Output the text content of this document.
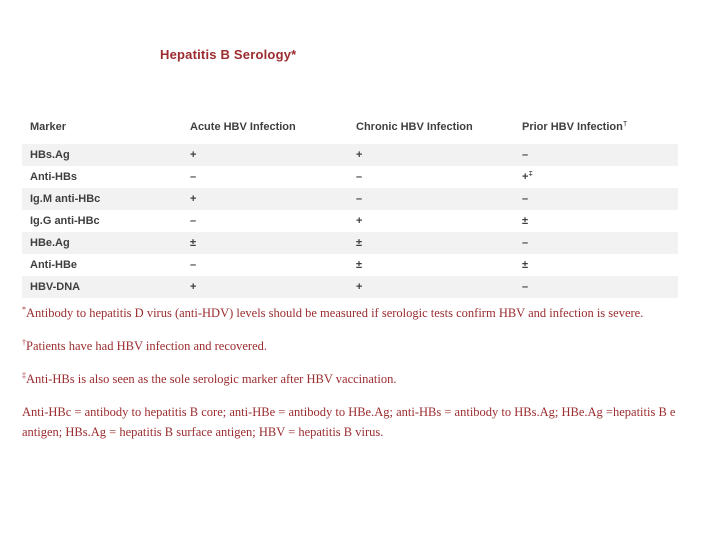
Hepatitis B Serology*
Marker	Acute HBV Infection	Chronic HBV Infection	Prior HBV Infection†
HBs.Ag	+	+	–
Anti-HBs	–	–	+‡
Ig.M anti-HBc	+	–	–
Ig.G anti-HBc	–	+	±
HBe.Ag	±	±	–
Anti-HBe	–	±	±
HBV-DNA	+	+	–

*Antibody to hepatitis D virus (anti-HDV) levels should be measured if serologic tests confirm HBV and infection is severe.

†Patients have had HBV infection and recovered.

‡Anti-HBs is also seen as the sole serologic marker after HBV vaccination.

Anti-HBc = antibody to hepatitis B core; anti-HBe = antibody to HBe.Ag; anti-HBs = antibody to HBs.Ag; HBe.Ag =hepatitis B e antigen; HBs.Ag = hepatitis B surface antigen; HBV = hepatitis B virus.
